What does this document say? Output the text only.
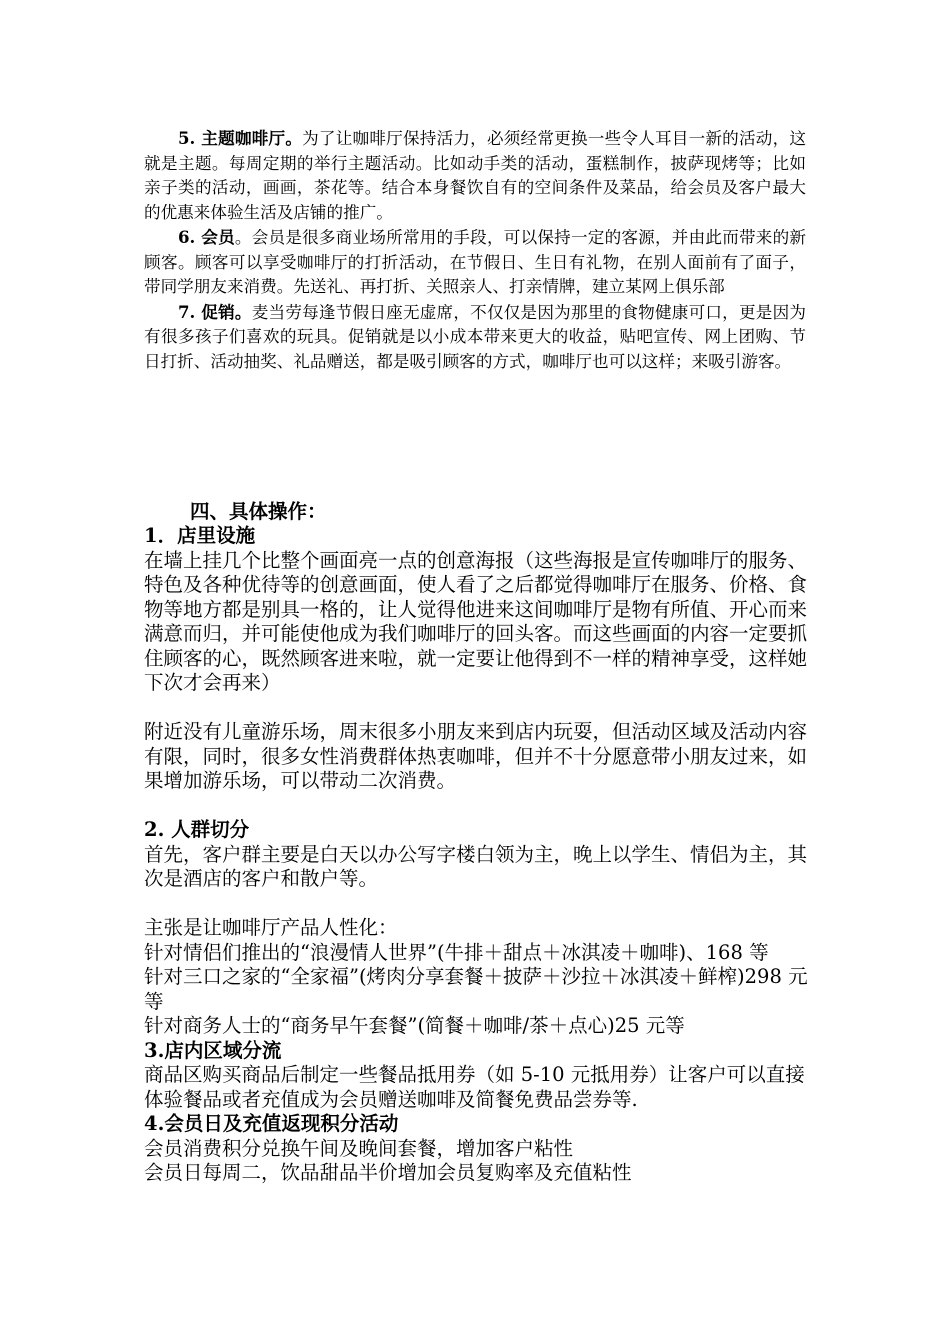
5. 主题咖啡厅。为了让咖啡厅保持活力，必须经常更换一些令人耳目一新的活动，这就是主题。每周定期的举行主题活动。比如动手类的活动，蛋糕制作，披萨现烤等；比如亲子类的活动，画画，茶花等。结合本身餐饮自有的空间条件及菜品，给会员及客户最大的优惠来体验生活及店铺的推广。

6. 会员。会员是很多商业场所常用的手段，可以保持一定的客源，并由此而带来的新顾客。顾客可以享受咖啡厅的打折活动，在节假日、生日有礼物，在别人面前有了面子，带同学朋友来消费。先送礼、再打折、关照亲人、打亲情牌，建立某网上俱乐部

7. 促销。麦当劳每逢节假日座无虚席，不仅仅是因为那里的食物健康可口，更是因为有很多孩子们喜欢的玩具。促销就是以小成本带来更大的收益，贴吧宣传、网上团购、节日打折、活动抽奖、礼品赠送，都是吸引顾客的方式，咖啡厅也可以这样；来吸引游客。

四、具体操作：

1．店里设施

在墙上挂几个比整个画面亮一点的创意海报（这些海报是宣传咖啡厅的服务、特色及各种优待等的创意画面，使人看了之后都觉得咖啡厅在服务、价格、食物等地方都是别具一格的，让人觉得他进来这间咖啡厅是物有所值、开心而来满意而归，并可能使他成为我们咖啡厅的回头客。而这些画面的内容一定要抓住顾客的心，既然顾客进来啦，就一定要让他得到不一样的精神享受，这样她下次才会再来）

附近没有儿童游乐场，周末很多小朋友来到店内玩耍，但活动区域及活动内容有限，同时，很多女性消费群体热衷咖啡，但并不十分愿意带小朋友过来，如果增加游乐场，可以带动二次消费。

2. 人群切分

首先，客户群主要是白天以办公写字楼白领为主，晚上以学生、情侣为主，其次是酒店的客户和散户等。

主张是让咖啡厅产品人性化：

针对情侣们推出的“浪漫情人世界”(牛排＋甜点＋冰淇凌＋咖啡)、168 等

针对三口之家的“全家福”(烤肉分享套餐＋披萨＋沙拉＋冰淇凌＋鲜榨)298 元等

针对商务人士的“商务早午套餐”(简餐＋咖啡/茶＋点心)25 元等

3.店内区域分流

商品区购买商品后制定一些餐品抵用券（如 5-10 元抵用券）让客户可以直接体验餐品或者充值成为会员赠送咖啡及简餐免费品尝券等.

4.会员日及充值返现积分活动

会员消费积分兑换午间及晚间套餐，增加客户粘性

会员日每周二，饮品甜品半价增加会员复购率及充值粘性
